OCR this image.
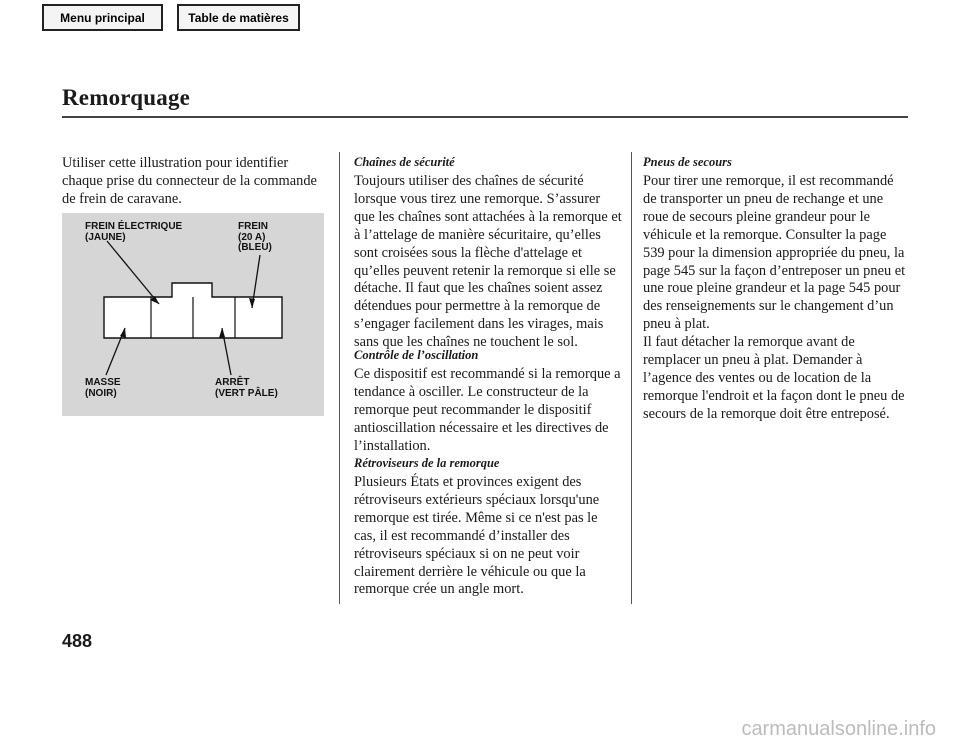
Menu principal	Table de matières
Remorquage

Utiliser cette illustration pour identifier chaque prise du connecteur de la commande de frein de caravane.

FREIN ÉLECTRIQUE
(JAUNE)
FREIN
(20 A)
(BLEU)
MASSE
(NOIR)
ARRÊT
(VERT PÂLE)
Chaînes de sécurité

Toujours utiliser des chaînes de sécurité lorsque vous tirez une remorque. S’assurer que les chaînes sont attachées à la remorque et à l’attelage de manière sécuritaire, qu’elles sont croisées sous la flèche d'attelage et qu’elles peuvent retenir la remorque si elle se détache. Il faut que les chaînes soient assez détendues pour permettre à la remorque de s’engager facilement dans les virages, mais sans que les chaînes ne touchent le sol.

Contrôle de l’oscillation

Ce dispositif est recommandé si la remorque a tendance à osciller. Le constructeur de la remorque peut recommander le dispositif antioscillation nécessaire et les directives de l’installation.

Rétroviseurs de la remorque

Plusieurs États et provinces exigent des rétroviseurs extérieurs spéciaux lorsqu'une remorque est tirée. Même si ce n'est pas le cas, il est recommandé d’installer des rétroviseurs spéciaux si on ne peut voir clairement derrière le véhicule ou que la remorque crée un angle mort.

Pneus de secours

Pour tirer une remorque, il est recommandé de transporter un pneu de rechange et une roue de secours pleine grandeur pour le véhicule et la remorque. Consulter la page 539 pour la dimension appropriée du pneu, la page 545 sur la façon d’entreposer un pneu et une roue pleine grandeur et la page 545 pour des renseignements sur le changement d’un pneu à plat.

Il faut détacher la remorque avant de remplacer un pneu à plat. Demander à l’agence des ventes ou de location de la remorque l'endroit et la façon dont le pneu de secours de la remorque doit être entreposé.

488
carmanualsonline.info
